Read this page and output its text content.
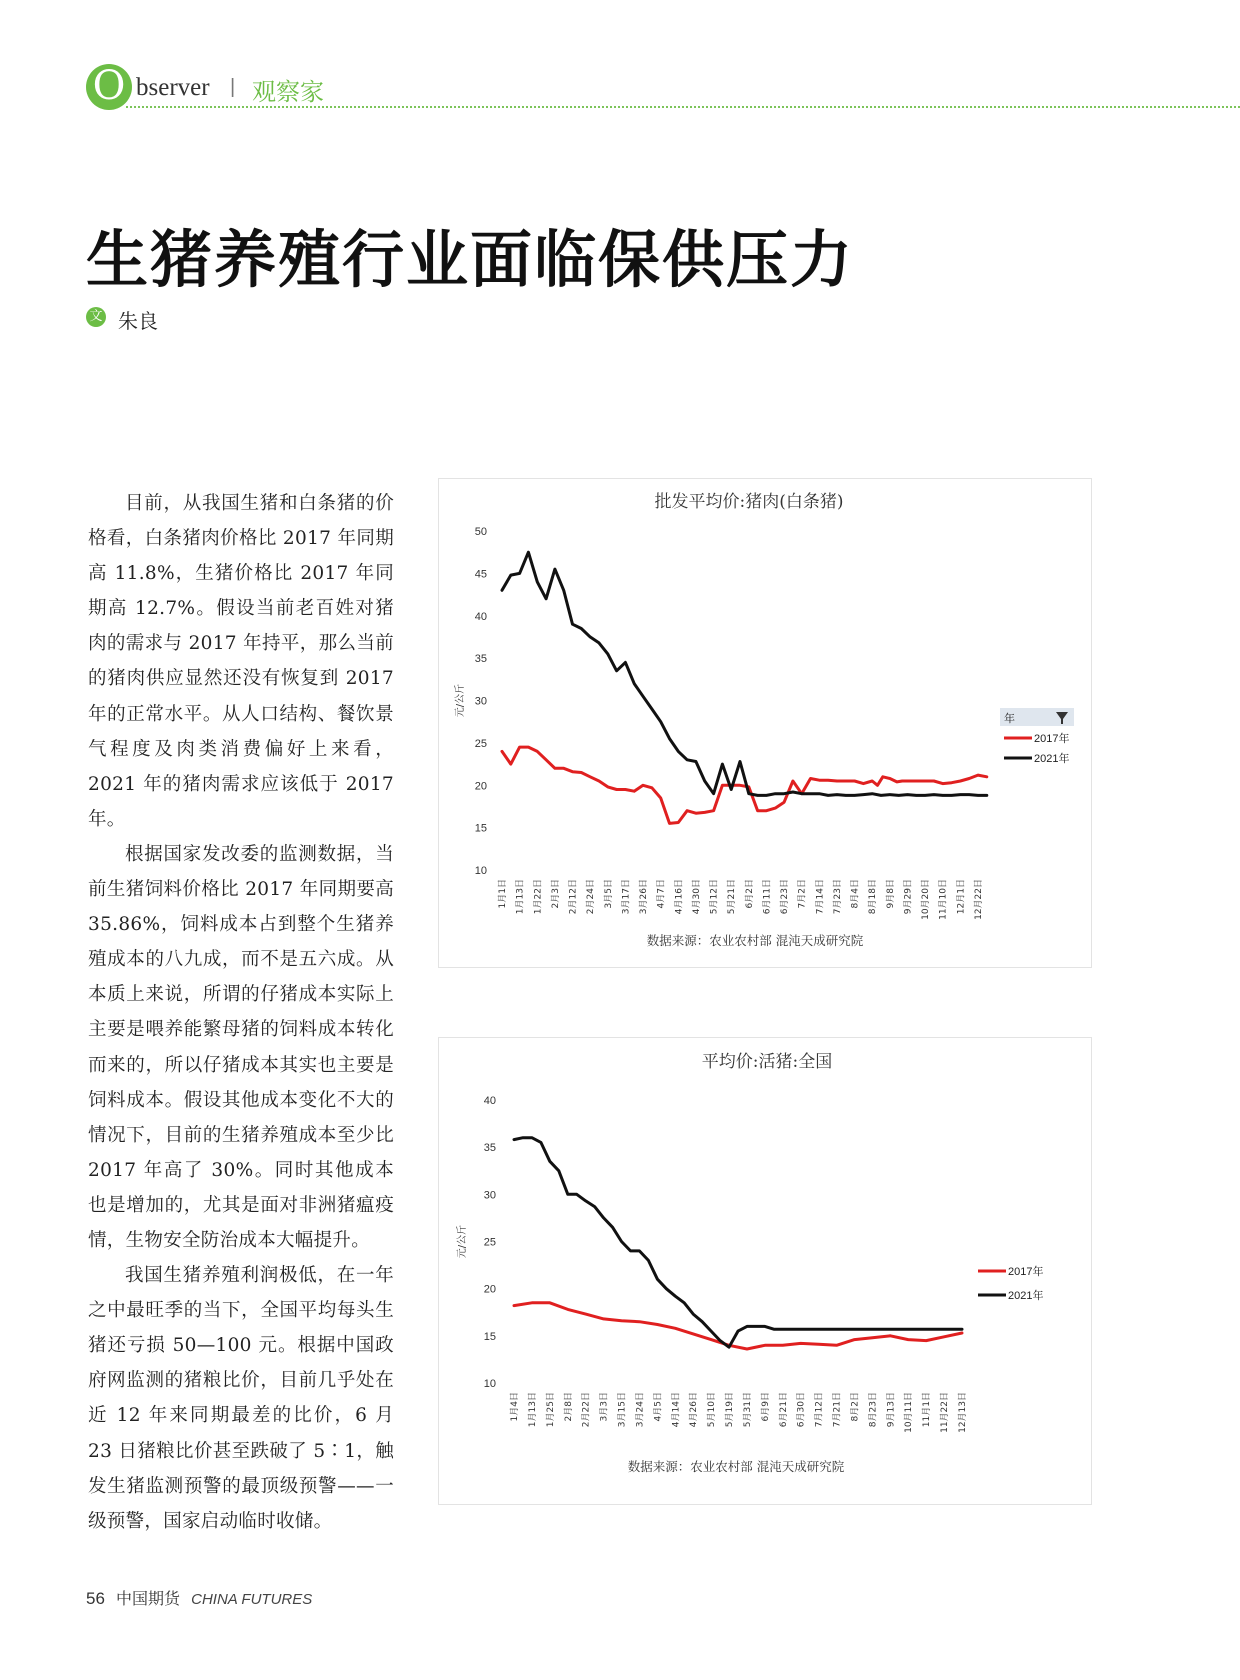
O bserver | 观察家
生猪养殖行业面临保供压力
文 朱良

目前，从我国生猪和白条猪的价格看，白条猪肉价格比 2017 年同期高 11.8%，生猪价格比 2017 年同期高 12.7%。假设当前老百姓对猪肉的需求与 2017 年持平，那么当前的猪肉供应显然还没有恢复到 2017 年的正常水平。从人口结构、餐饮景气程度及肉类消费偏好上来看，2021 年的猪肉需求应该低于 2017 年。

根据国家发改委的监测数据，当前生猪饲料价格比 2017 年同期要高 35.86%，饲料成本占到整个生猪养殖成本的八九成，而不是五六成。从本质上来说，所谓的仔猪成本实际上主要是喂养能繁母猪的饲料成本转化而来的，所以仔猪成本其实也主要是饲料成本。假设其他成本变化不大的情况下，目前的生猪养殖成本至少比 2017 年高了 30%。同时其他成本也是增加的，尤其是面对非洲猪瘟疫情，生物安全防治成本大幅提升。

我国生猪养殖利润极低，在一年之中最旺季的当下，全国平均每头生猪还亏损 50—100 元。根据中国政府网监测的猪粮比价，目前几乎处在近 12 年来同期最差的比价，6 月 23 日猪粮比价甚至跌破了 5∶1，触发生猪监测预警的最顶级预警——一级预警，国家启动临时收储。

批发平均价:猪肉(白条猪)
10
15
20
25
30
35
40
45
50
元/公斤
1月1日 1月13日 1月22日 2月3日 2月12日 2月24日 3月5日 3月17日 3月26日 4月7日 4月16日 4月30日 5月12日 5月21日 6月2日 6月11日 6月23日 7月2日 7月14日 7月23日 8月4日 8月18日 9月8日 9月29日 10月20日 11月10日 12月1日 12月22日
数据来源：农业农村部 混沌天成研究院
年
2017年
2021年
平均价:活猪:全国
10
15
20
25
30
35
40
元/公斤
1月4日 1月13日 1月25日 2月8日 2月22日 3月3日 3月15日 3月24日 4月5日 4月14日 4月26日 5月10日 5月19日 5月31日 6月9日 6月21日 6月30日 7月12日 7月21日 8月2日 8月23日 9月13日 10月11日 11月1日 11月22日 12月13日
数据来源：农业农村部 混沌天成研究院
2017年
2021年
56 中国期货 CHINA FUTURES
